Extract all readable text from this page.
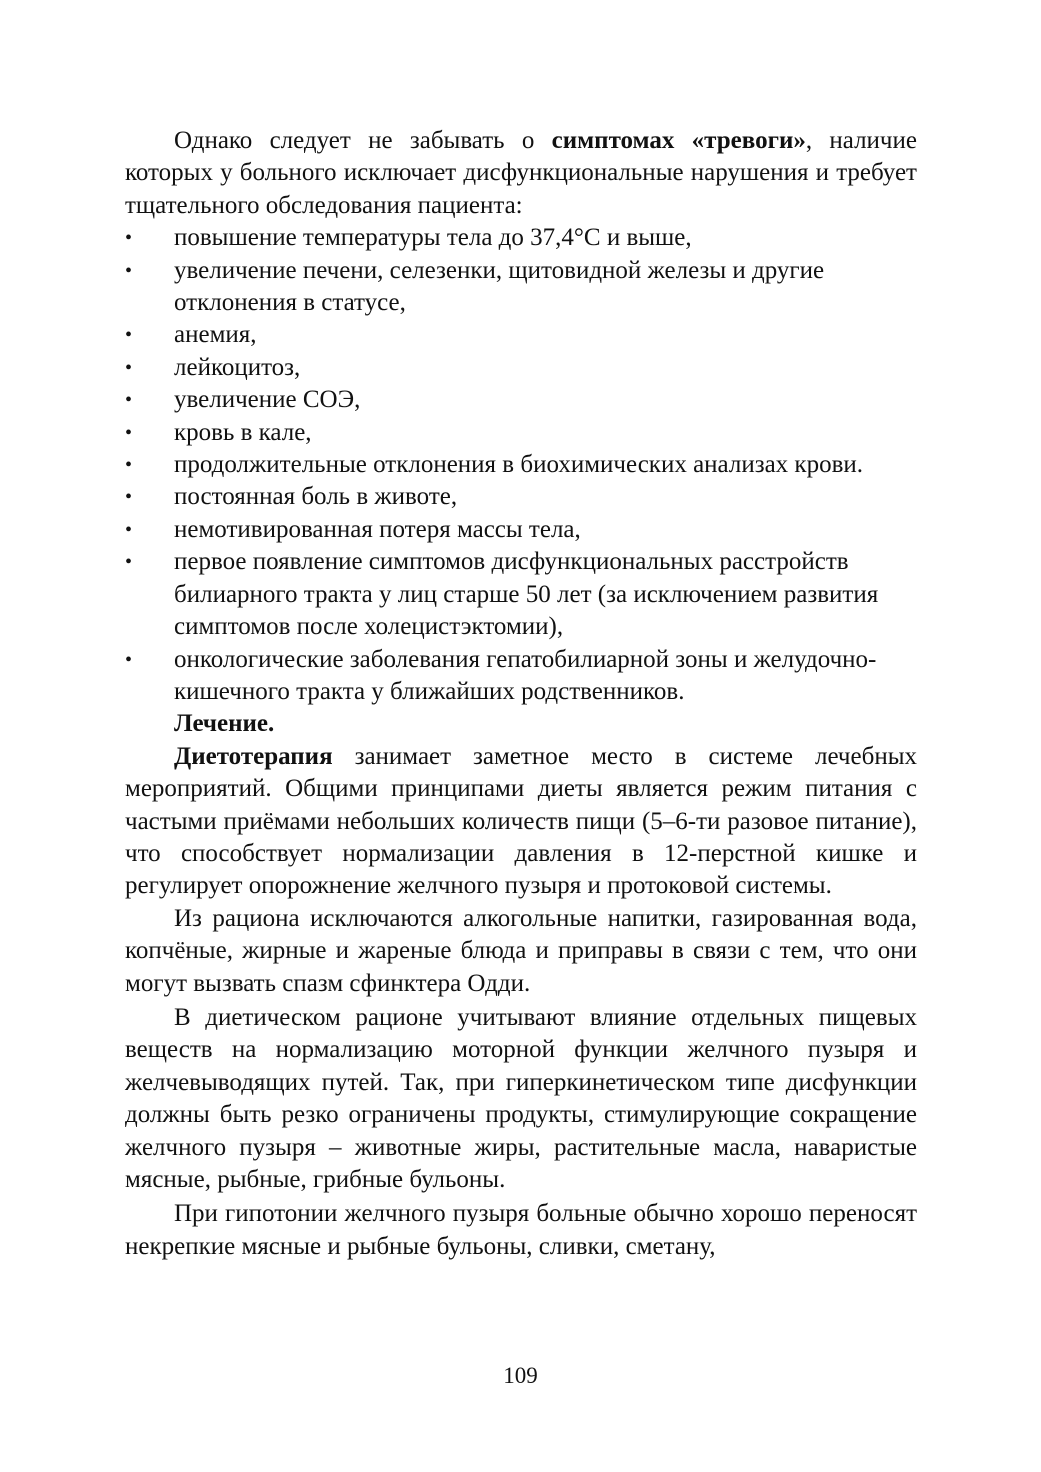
Однако следует не забывать о симптомах «тревоги», наличие которых у больного исключает дисфункциональные нарушения и требует тщательного обследования пациента:

• повышение температуры тела до 37,4°С и выше,
• увеличение печени, селезенки, щитовидной железы и другие отклонения в статусе,
• анемия,
• лейкоцитоз,
• увеличение СОЭ,
• кровь в кале,
• продолжительные отклонения в биохимических анализах крови.
• постоянная боль в животе,
• немотивированная потеря массы тела,
• первое появление симптомов дисфункциональных расстройств билиарного тракта у лиц старше 50 лет (за исключением развития симптомов после холецистэктомии),
• онкологические заболевания гепатобилиарной зоны и желудочно-кишечного тракта у ближайших родственников.

Лечение.

Диетотерапия занимает заметное место в системе лечебных мероприятий. Общими принципами диеты является режим питания с частыми приёмами небольших количеств пищи (5–6-ти разовое питание), что способствует нормализации давления в 12-перстной кишке и регулирует опорожнение желчного пузыря и протоковой системы.

Из рациона исключаются алкогольные напитки, газированная вода, копчёные, жирные и жареные блюда и приправы в связи с тем, что они могут вызвать спазм сфинктера Одди.

В диетическом рационе учитывают влияние отдельных пищевых веществ на нормализацию моторной функции желчного пузыря и желчевыводящих путей. Так, при гиперкинетическом типе дисфункции должны быть резко ограничены продукты, стимулирующие сокращение желчного пузыря – животные жиры, растительные масла, наваристые мясные, рыбные, грибные бульоны.

При гипотонии желчного пузыря больные обычно хорошо переносят некрепкие мясные и рыбные бульоны, сливки, сметану,

109
